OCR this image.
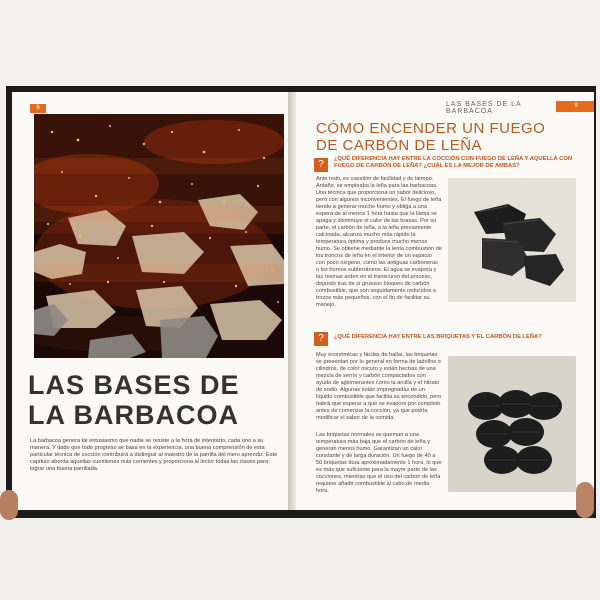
6
LAS BASES DE LA BARBACOA
La barbacoa genera tal entusiasmo que nadie se resiste a la hora de intentarlo, cada uno a su manera. Y dado que todo progreso se basa en la experiencia, una buena comprensión de esta particular técnica de cocción contribuirá a distinguir al maestro de la parrilla del mero aprendiz. Este capítulo aborda aquellas cuestiones más corrientes y proporciona al lector todas las claves para lograr una buena parrillada.
LAS BASES DE LA BARBACOA
9
CÓMO ENCENDER UN FUEGO DE CARBÓN DE LEÑA
?	¿QUÉ DIFERENCIA HAY ENTRE LA COCCIÓN CON FUEGO DE LEÑA Y AQUELLA CON FUEGO DE CARBÓN DE LEÑA? ¿CUÁL ES LA MEJOR DE AMBAS?
Ante todo, es cuestión de facilidad y de tiempo. Antaño, se empleaba la leña para las barbacoas. Una técnica que proporciona un sabor delicioso, pero con algunos inconvenientes. El fuego de leña tiende a generar mucho humo y obliga a una espera de al menos 1 hora hasta que la llama se apaga y disminuye el calor de las brasas. Por su parte, el carbón de leña, o la leña previamente calcinada, alcanza mucho más rápido la temperatura óptima y produce mucho menos humo. Se obtiene mediante la lenta combustión de los troncos de leña en el interior de un espacio con poco oxígeno, como las antiguas carboneras o los hornos subterráneos. El agua se evapora y las resinas arden en el transcurso del proceso, dejando tras de sí gruesos bloques de carbón combustible, que son seguidamente reducidos a trozos más pequeños, con el fin de facilitar su manejo.
?	¿QUÉ DIFERENCIA HAY ENTRE LAS BRIQUETAS Y EL CARBÓN DE LEÑA?
Muy económicas y fáciles de hallar, las briquetas se presentan por lo general en forma de ladrillos o cilindros, de color oscuro y están hechas de una mezcla de serrín y carbón compactados con ayuda de aglomerantes como la arcilla y el nitrato de sodio. Algunas están impregnadas de un líquido combustible que facilita su encendido, pero habrá que esperar a que se evapore por completo antes de comenzar la cocción, ya que podría modificar el sabor de la comida.
Las briquetas normales se queman a una temperatura más baja que el carbón de leña y generan menos humo. Garantizan un calor constante y de larga duración. Un fuego de 40 a 50 briquetas dura aproximadamente 1 hora, lo que es más que suficiente para la mayor parte de las cocciones, mientras que el uso del carbón de leña requiere añadir combustible al cabo de media hora.
